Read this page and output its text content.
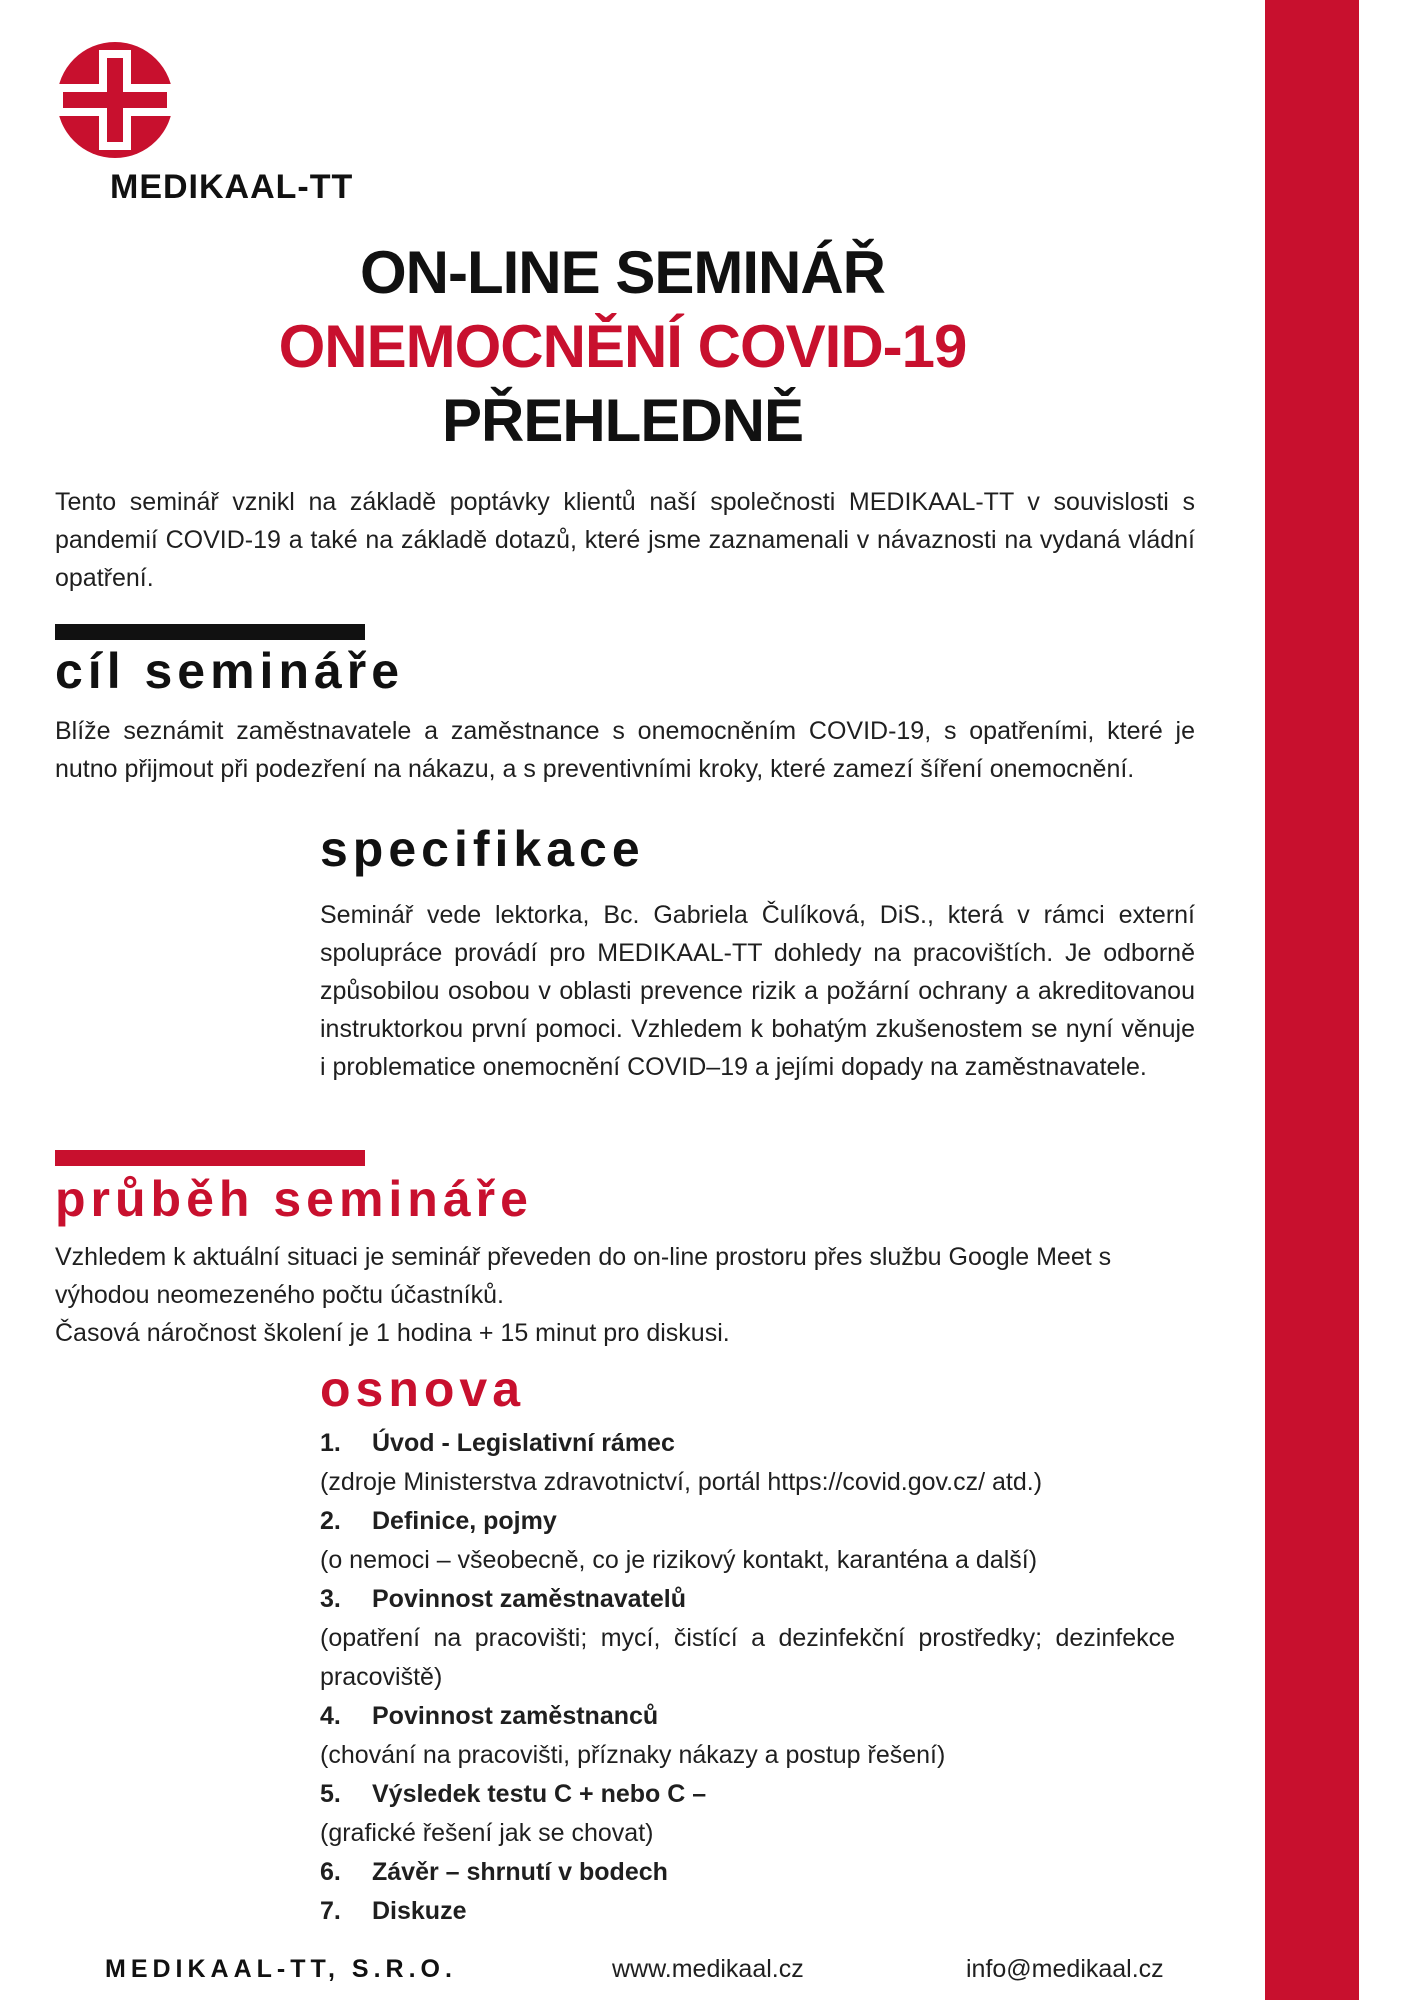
MEDIKAAL-TT
ON-LINE SEMINÁŘ
ONEMOCNĚNÍ COVID-19
PŘEHLEDNĚ
Tento seminář vznikl na základě poptávky klientů naší společnosti MEDIKAAL-TT v souvislosti s pandemií COVID-19 a také na základě dotazů, které jsme zaznamenali v návaznosti na vydaná vládní opatření.
cíl semináře
Blíže seznámit zaměstnavatele a zaměstnance s onemocněním COVID-19, s opatřeními, které je nutno přijmout při podezření na nákazu, a s preventivními kroky, které zamezí šíření onemocnění.
specifikace
Seminář vede lektorka, Bc. Gabriela Čulíková, DiS., která v rámci externí spolupráce provádí pro MEDIKAAL-TT dohledy na pracovištích. Je odborně způsobilou osobou v oblasti prevence rizik a požární ochrany a akreditovanou instruktorkou první pomoci. Vzhledem k bohatým zkušenostem se nyní věnuje i problematice onemocnění COVID–19 a jejími dopady na zaměstnavatele.
průběh semináře
Vzhledem k aktuální situaci je seminář převeden do on-line prostoru přes službu Google Meet s výhodou neomezeného počtu účastníků.
Časová náročnost školení je 1 hodina + 15 minut pro diskusi.
osnova
1. Úvod - Legislativní rámec
(zdroje Ministerstva zdravotnictví, portál https://covid.gov.cz/ atd.)
2. Definice, pojmy
(o nemoci – všeobecně, co je rizikový kontakt, karanténa a další)
3. Povinnost zaměstnavatelů
(opatření na pracovišti; mycí, čistící a dezinfekční prostředky; dezinfekce pracoviště)
4. Povinnost zaměstnanců
(chování na pracovišti, příznaky nákazy a postup řešení)
5. Výsledek testu C + nebo C –
(grafické řešení jak se chovat)
6. Závěr – shrnutí v bodech
7. Diskuze
MEDIKAAL-TT, S.R.O.	www.medikaal.cz	info@medikaal.cz
